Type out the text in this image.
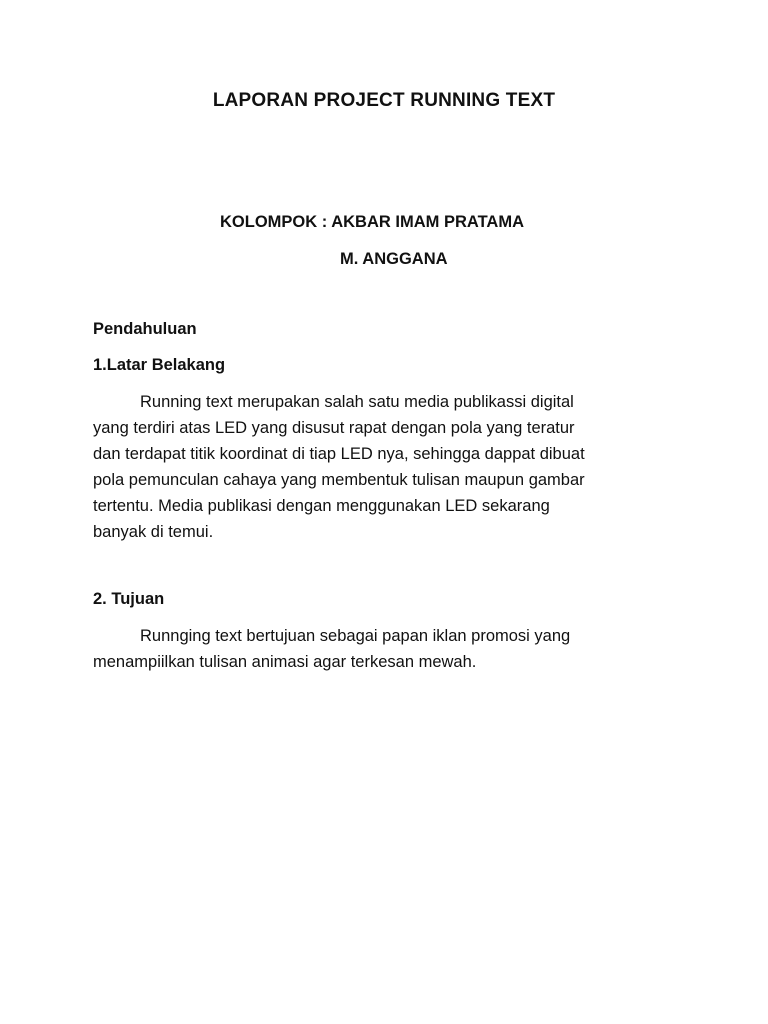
LAPORAN PROJECT RUNNING TEXT
KOLOMPOK : AKBAR IMAM PRATAMA
M. ANGGANA
Pendahuluan
1.Latar Belakang
Running text merupakan salah satu media publikassi digital
yang terdiri atas LED yang disusut rapat dengan pola yang teratur
dan terdapat titik koordinat di tiap LED nya, sehingga dappat dibuat
pola pemunculan cahaya yang membentuk tulisan maupun gambar
tertentu. Media publikasi dengan menggunakan LED sekarang
banyak di temui.
2. Tujuan
Runnging text bertujuan sebagai papan iklan promosi yang
menampiilkan tulisan animasi agar terkesan mewah.
